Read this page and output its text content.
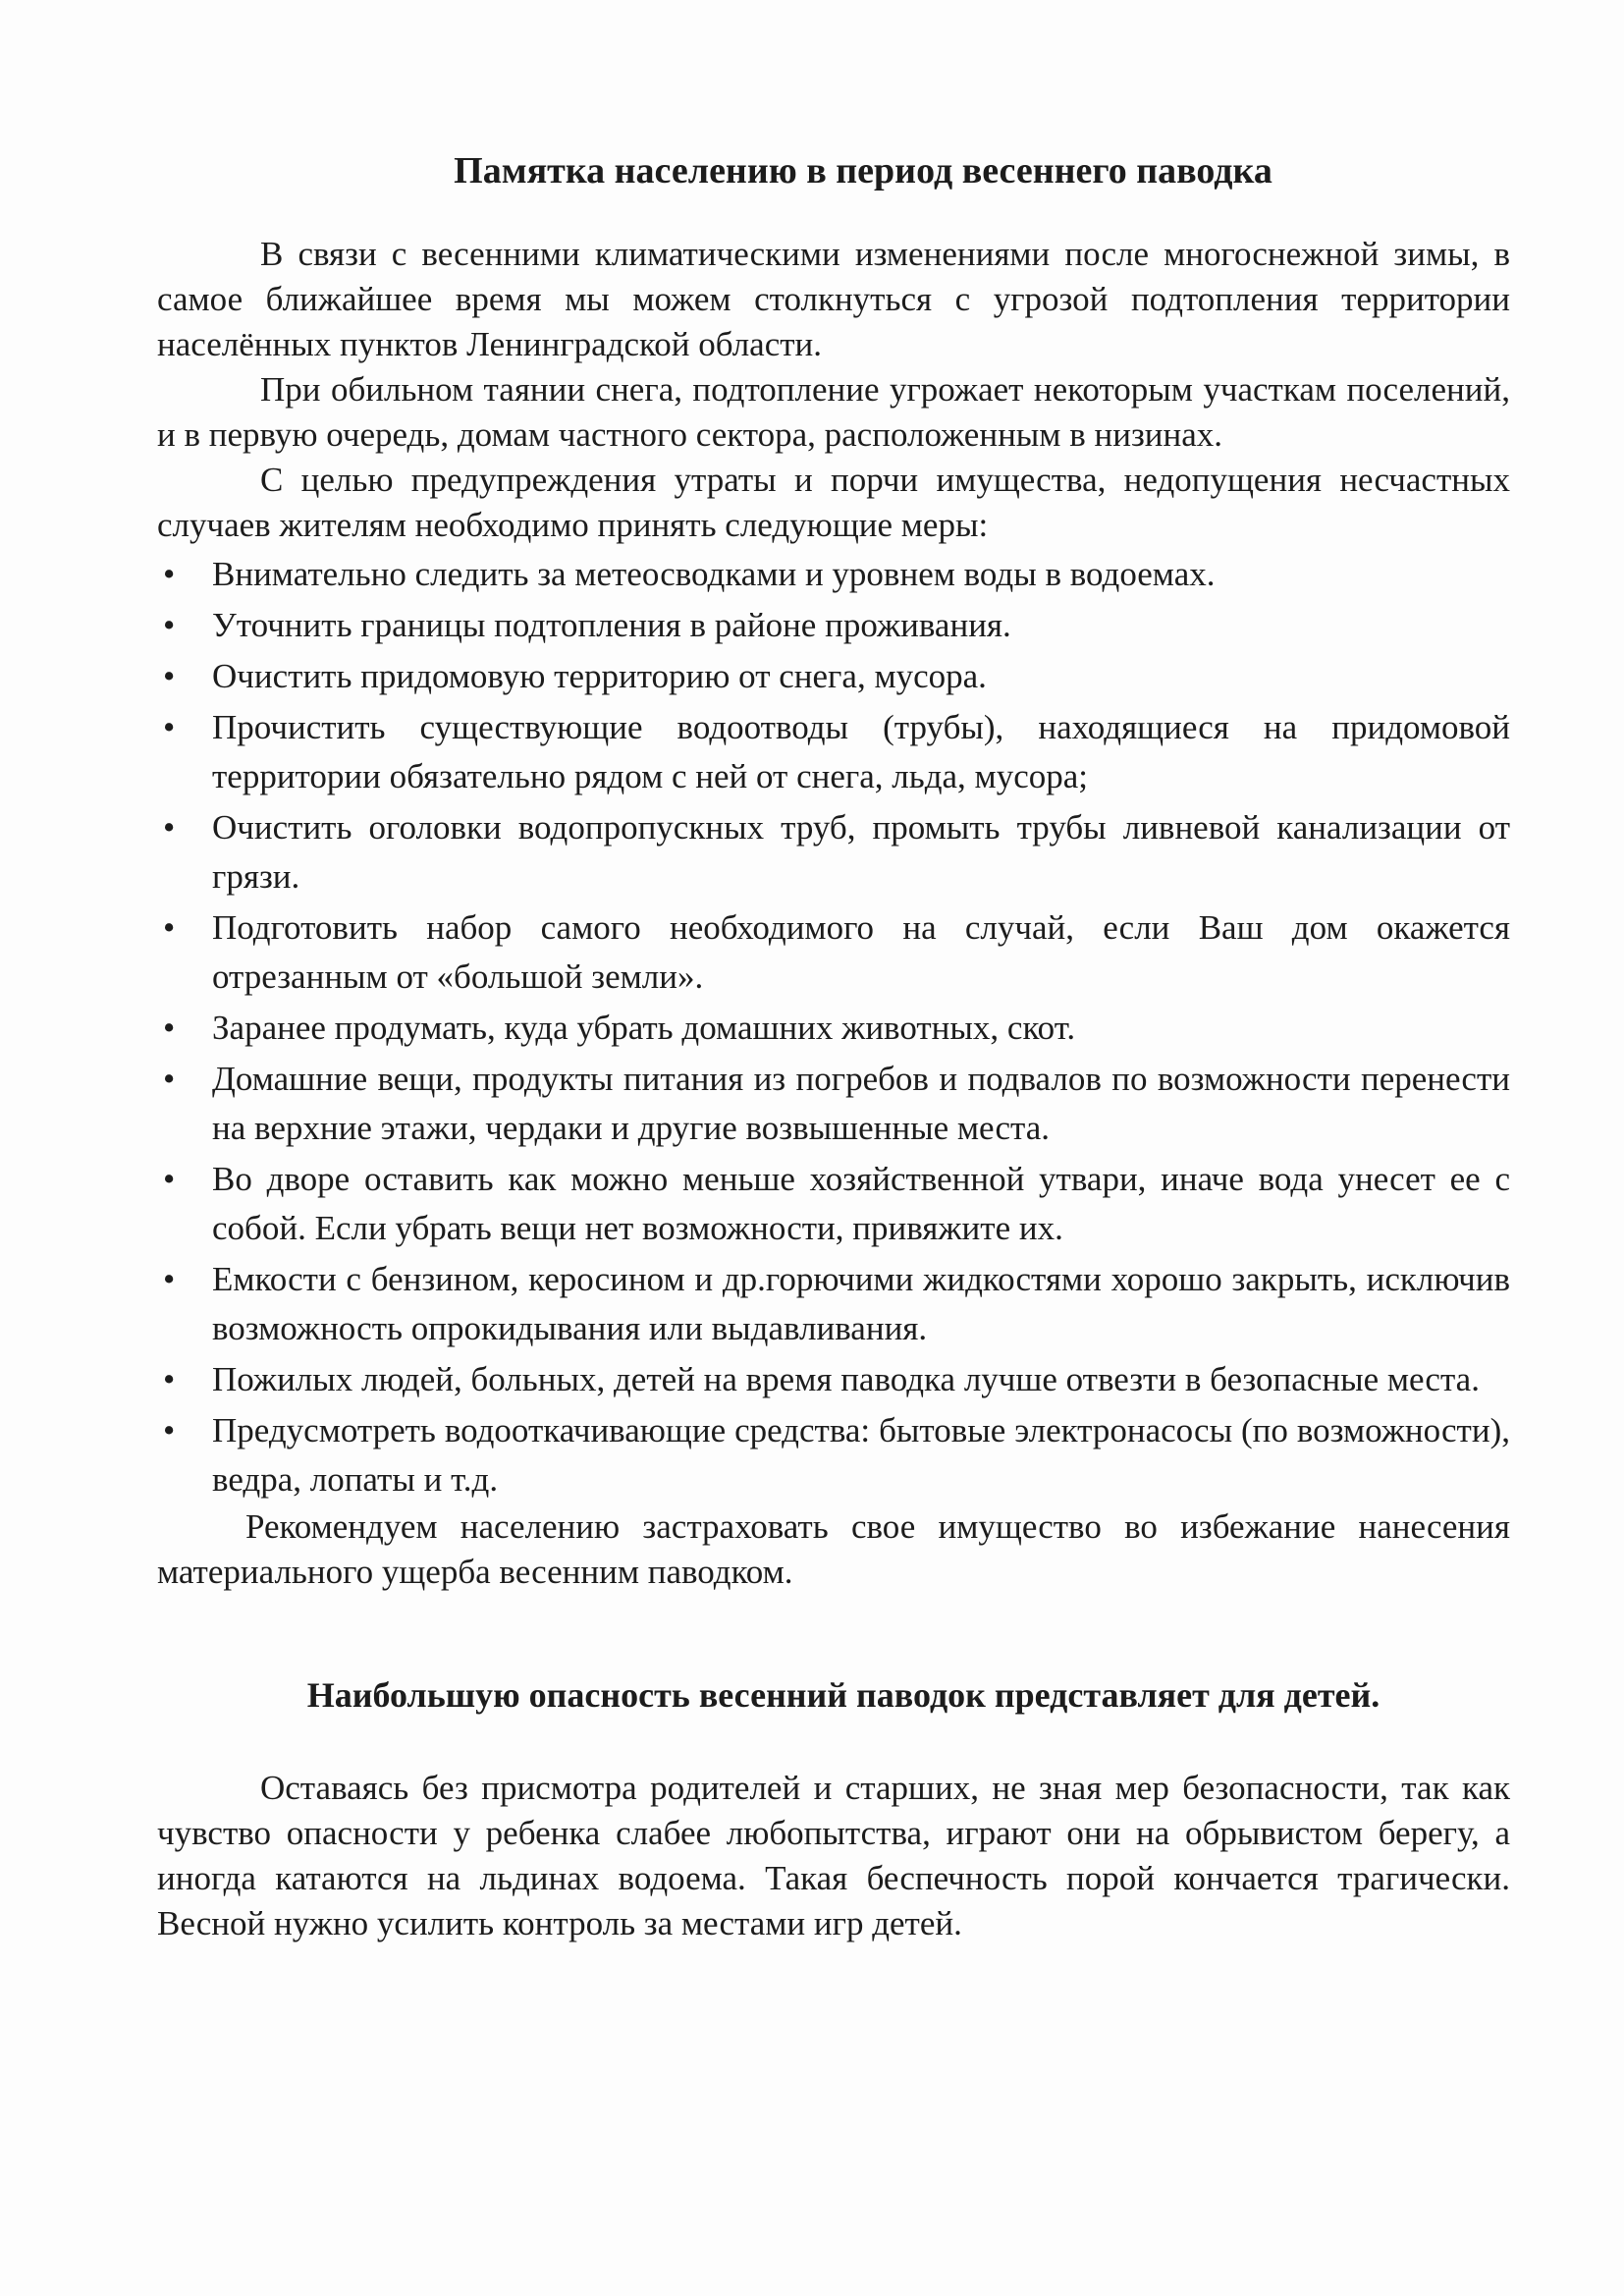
Памятка населению в период весеннего паводка

В связи с весенними климатическими изменениями после многоснежной зимы, в самое ближайшее время мы можем столкнуться с угрозой подтопления территории населённых пунктов Ленинградской области.

При обильном таянии снега, подтопление угрожает некоторым участкам поселений, и в первую очередь, домам частного сектора, расположенным в низинах.

С целью предупреждения утраты и порчи имущества, недопущения несчастных случаев жителям необходимо принять следующие меры:

• Внимательно следить за метеосводками и уровнем воды в водоемах.
• Уточнить границы подтопления в районе проживания.
• Очистить придомовую территорию от снега, мусора.
• Прочистить существующие водоотводы (трубы), находящиеся на придомовой территории обязательно рядом с ней от снега, льда, мусора;
• Очистить оголовки водопропускных труб, промыть трубы ливневой канализации от грязи.
• Подготовить набор самого необходимого на случай, если Ваш дом окажется отрезанным от «большой земли».
• Заранее продумать, куда убрать домашних животных, скот.
• Домашние вещи, продукты питания из погребов и подвалов по возможности перенести на верхние этажи, чердаки и другие возвышенные места.
• Во дворе оставить как можно меньше хозяйственной утвари, иначе вода унесет ее с собой. Если убрать вещи нет возможности, привяжите их.
• Емкости с бензином, керосином и др.горючими жидкостями хорошо закрыть, исключив возможность опрокидывания или выдавливания.
• Пожилых людей, больных, детей на время паводка лучше отвезти в безопасные места.
• Предусмотреть водооткачивающие средства: бытовые электронасосы (по возможности), ведра, лопаты и т.д.

Рекомендуем населению застраховать свое имущество во избежание нанесения материального ущерба весенним паводком.

Наибольшую опасность весенний паводок представляет для детей.

Оставаясь без присмотра родителей и старших, не зная мер безопасности, так как чувство опасности у ребенка слабее любопытства, играют они на обрывистом берегу, а иногда катаются на льдинах водоема. Такая беспечность порой кончается трагически. Весной нужно усилить контроль за местами игр детей.
